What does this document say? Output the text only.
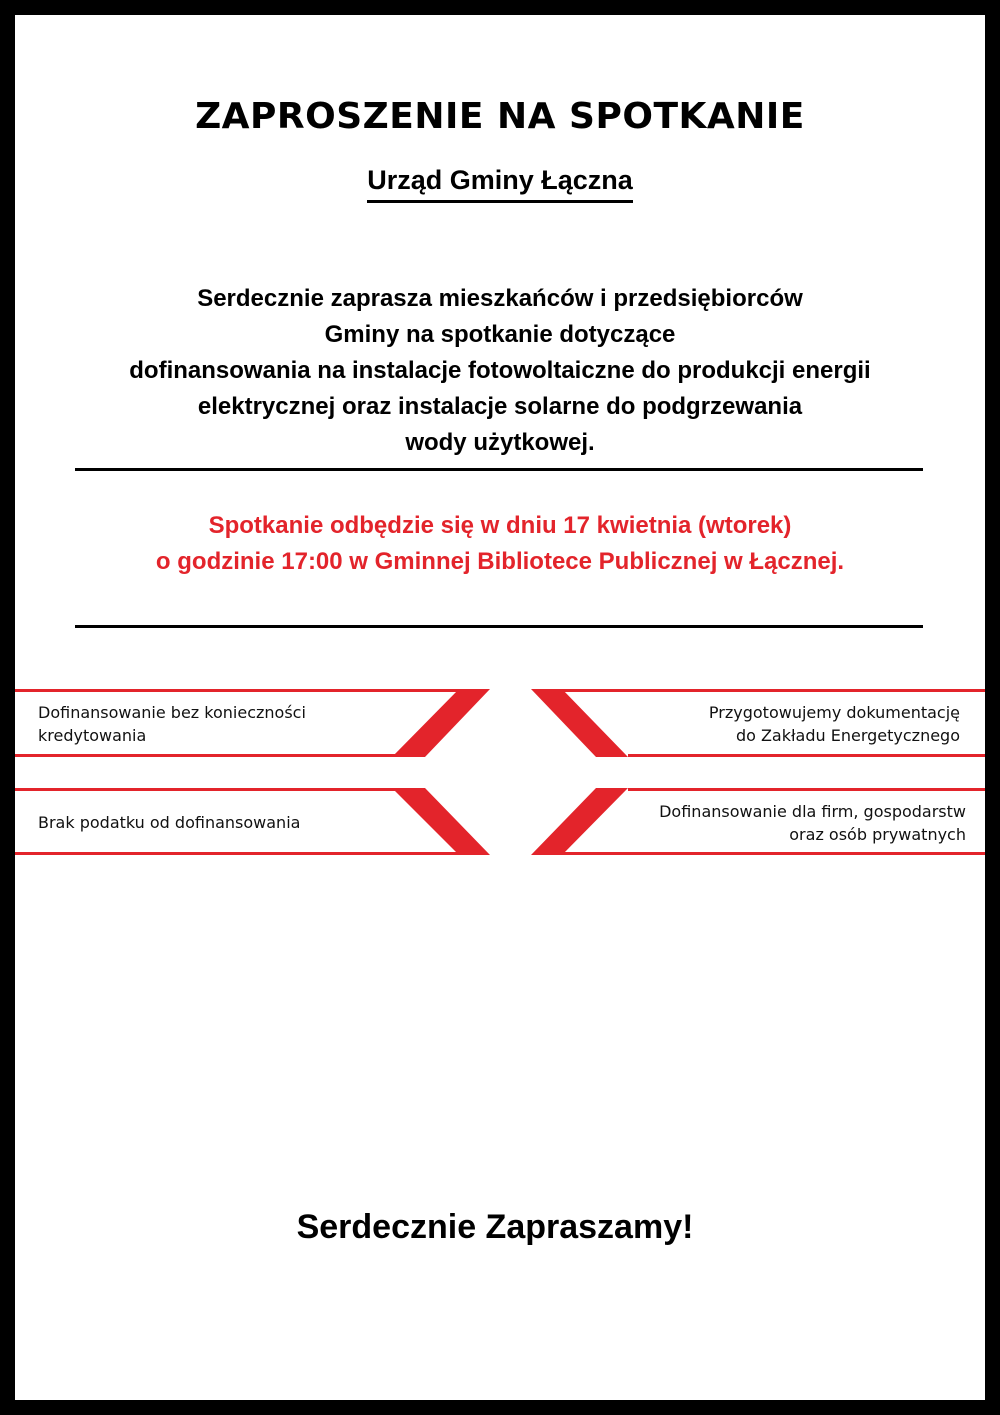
ZAPROSZENIE NA SPOTKANIE
Urząd Gminy Łączna
Serdecznie zaprasza mieszkańców i przedsiębiorców
Gminy na spotkanie dotyczące
dofinansowania na instalacje fotowoltaiczne do produkcji energii
elektrycznej oraz instalacje solarne do podgrzewania
wody użytkowej.
Spotkanie odbędzie się w dniu 17 kwietnia (wtorek)
o godzinie 17:00 w Gminnej Bibliotece Publicznej w Łącznej.
Dofinansowanie bez konieczności
kredytowania
Przygotowujemy dokumentację
do Zakładu Energetycznego
Brak podatku od dofinansowania
Dofinansowanie dla firm, gospodarstw
oraz osób prywatnych
Serdecznie Zapraszamy!
